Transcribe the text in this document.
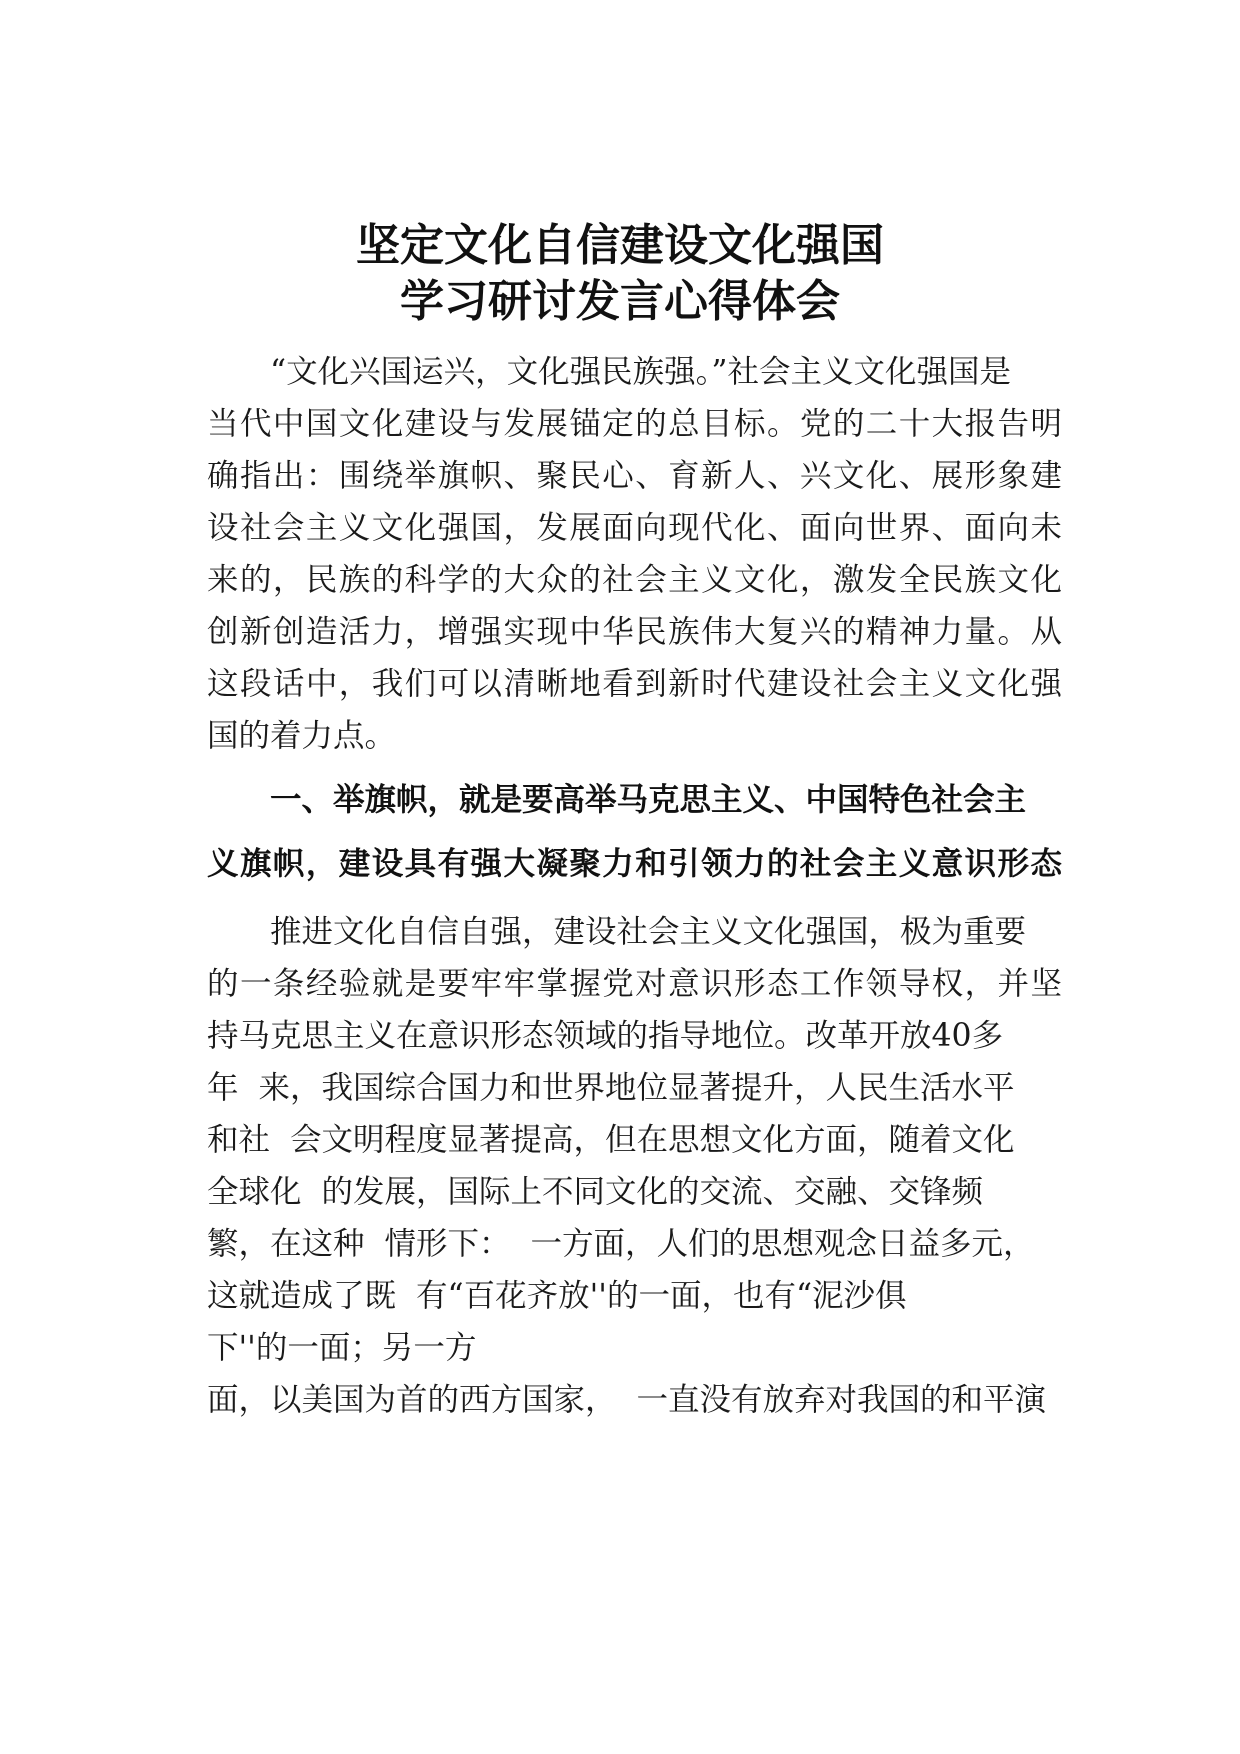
坚定文化自信建设文化强国
学习研讨发言心得体会
“文化兴国运兴，文化强民族强。”社会主义文化强国是
当代中国文化建设与发展锚定的总目标。党的二十大报告明
确指出：围绕举旗帜、聚民心、育新人、兴文化、展形象建
设社会主义文化强国，发展面向现代化、面向世界、面向未
来的，民族的科学的大众的社会主义文化，激发全民族文化
创新创造活力，增强实现中华民族伟大复兴的精神力量。从
这段话中，我们可以清晰地看到新时代建设社会主义文化强
国的着力点。
一、举旗帜，就是要高举马克思主义、中国特色社会主
义旗帜，建设具有强大凝聚力和引领力的社会主义意识形态
推进文化自信自强，建设社会主义文化强国，极为重要
的一条经验就是要牢牢掌握党对意识形态工作领导权，并坚
持马克思主义在意识形态领域的指导地位。改革开放40多
年  来，我国综合国力和世界地位显著提升，人民生活水平
和社  会文明程度显著提高，但在思想文化方面，随着文化
全球化  的发展，国际上不同文化的交流、交融、交锋频
繁，在这种  情形下：  一方面，人们的思想观念日益多元，
这就造成了既  有“百花齐放''的一面，也有“泥沙俱
下''的一面；另一方
面，以美国为首的西方国家，  一直没有放弃对我国的和平演
